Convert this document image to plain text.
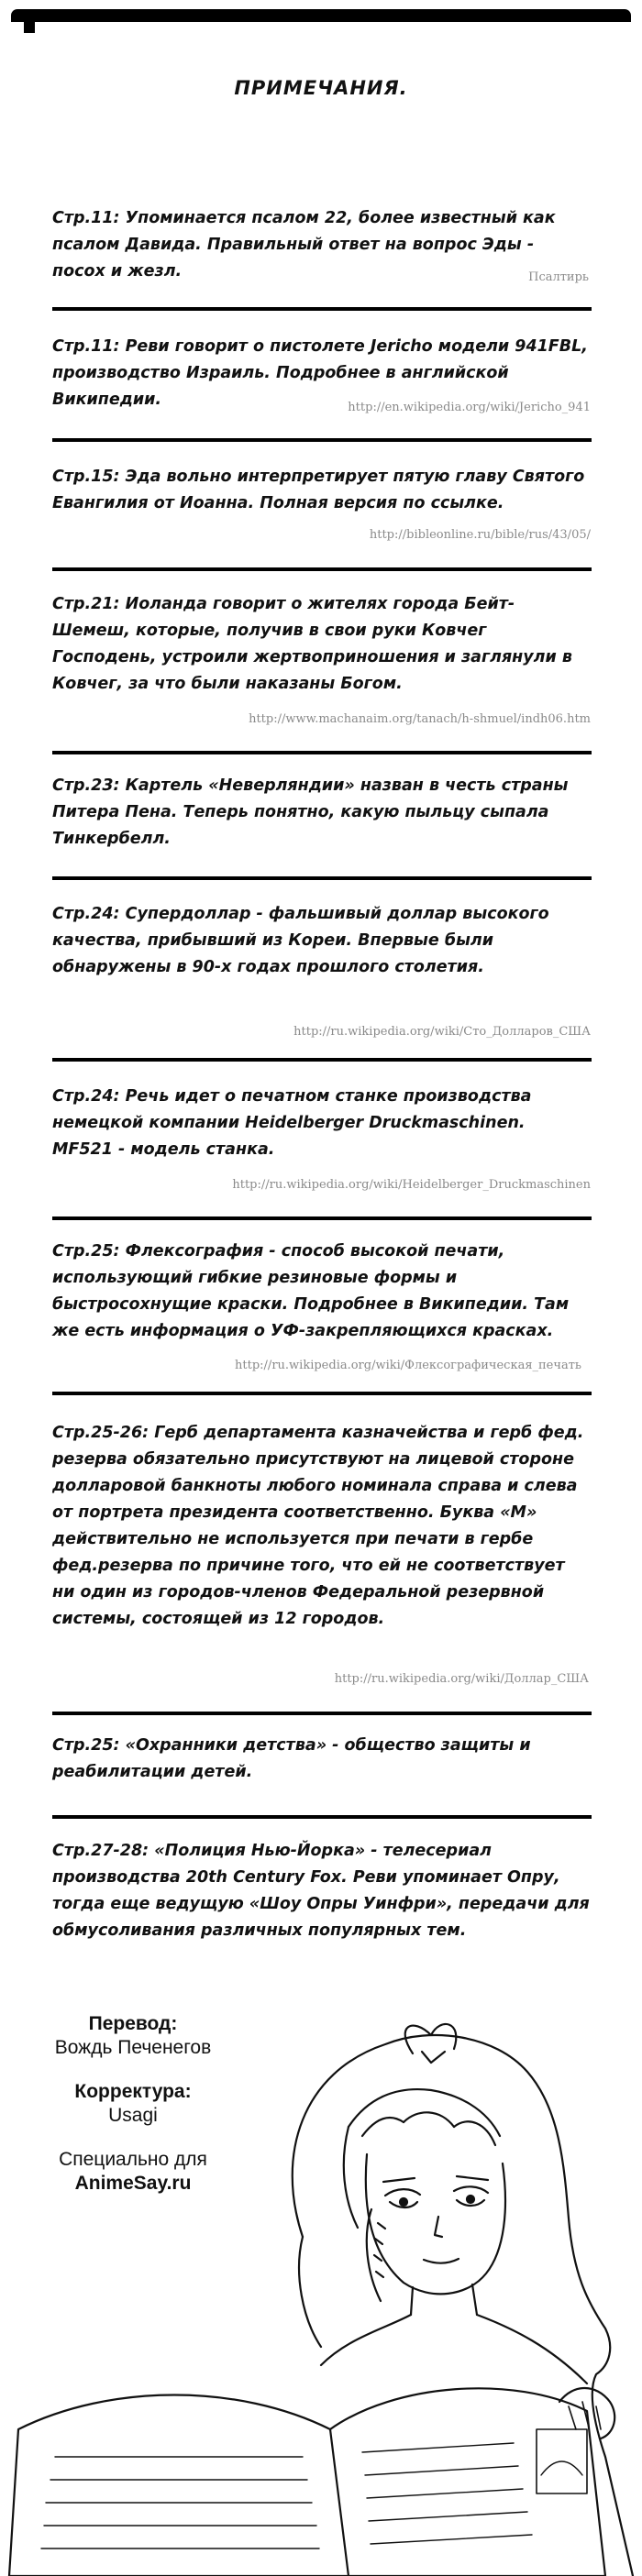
ПРИМЕЧАНИЯ.

Стр.11: Упоминается псалом 22, более известный как псалом Давида. Правильный ответ на вопрос Эды - посох и жезл.	Псалтирь

Стр.11: Реви говорит о пистолете Jericho модели 941FBL, производство Израиль. Подробнее в английской Википедии.	http://en.wikipedia.org/wiki/Jericho_941

Стр.15: Эда вольно интерпретирует пятую главу Святого Евангилия от Иоанна. Полная версия по ссылке.

http://bibleonline.ru/bible/rus/43/05/

Стр.21: Иоланда говорит о жителях города Бейт-Шемеш, которые, получив в свои руки Ковчег Господень, устроили жертвоприношения и заглянули в Ковчег, за что были наказаны Богом.

http://www.machanaim.org/tanach/h-shmuel/indh06.htm

Стр.23: Картель «Неверляндии» назван в честь страны Питера Пена. Теперь понятно, какую пыльцу сыпала Тинкербелл.

Стр.24: Супердоллар - фальшивый доллар высокого качества, прибывший из Кореи. Впервые были обнаружены в 90-х годах прошлого столетия.

http://ru.wikipedia.org/wiki/Сто_Долларов_США

Стр.24: Речь идет о печатном станке производства немецкой компании Heidelberger Druckmaschinen. MF521 - модель станка.

http://ru.wikipedia.org/wiki/Heidelberger_Druckmaschinen

Стр.25: Флексография - способ высокой печати, использующий гибкие резиновые формы и быстросохнущие краски. Подробнее в Википедии. Там же есть информация о УФ-закрепляющихся красках.

http://ru.wikipedia.org/wiki/Флексографическая_печать

Стр.25-26: Герб департамента казначейства и герб фед. резерва обязательно присутствуют на лицевой стороне долларовой банкноты любого номинала справа и слева от портрета президента соответственно. Буква «М» действительно не используется при печати в гербе фед.резерва по причине того, что ей не соответствует ни один из городов-членов Федеральной резервной системы, состоящей из 12 городов.

http://ru.wikipedia.org/wiki/Доллар_США

Стр.25: «Охранники детства» - общество защиты и реабилитации детей.

Стр.27-28: «Полиция Нью-Йорка» - телесериал производства 20th Century Fox. Реви упоминает Опру, тогда еще ведущую «Шоу Опры Уинфри», передачи для обмусоливания различных популярных тем.

Перевод:
Вождь Печенегов
Корректура:
Usagi
Специально для
AnimeSay.ru
